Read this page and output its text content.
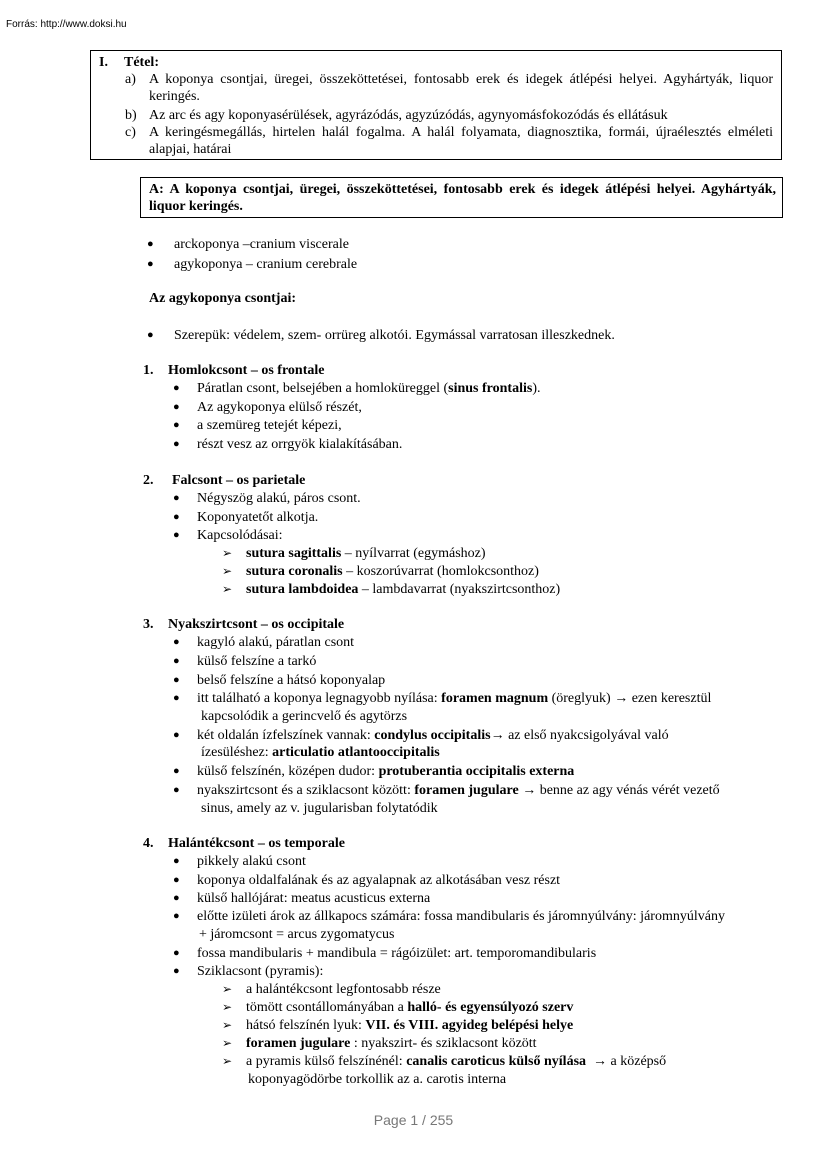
Forrás: http://www.doksi.hu
I. Tétel:
a) A koponya csontjai, üregei, összeköttetései, fontosabb erek és idegek átlépési helyei. Agyhártyák, liquor keringés.
b) Az arc és agy koponyasérülések, agyrázódás, agyzúzódás, agynyomásfokozódás és ellátásuk
c) A keringésmegállás, hirtelen halál fogalma. A halál folyamata, diagnosztika, formái, újraélesztés elméleti alapjai, határai
A: A koponya csontjai, üregei, összeköttetései, fontosabb erek és idegek átlépési helyei. Agyhártyák, liquor keringés.
● arckoponya –cranium viscerale
● agykoponya – cranium cerebrale
Az agykoponya csontjai:
● Szerepük: védelem, szem- orrüreg alkotói. Egymással varratosan illeszkednek.
1. Homlokcsont – os frontale
● Páratlan csont, belsejében a homloküreggel (sinus frontalis).
● Az agykoponya elülső részét,
● a szemüreg tetejét képezi,
● részt vesz az orrgyök kialakításában.
2. Falcsont – os parietale
● Négyszög alakú, páros csont.
● Koponyatetőt alkotja.
● Kapcsolódásai:
➢ sutura sagittalis – nyílvarrat (egymáshoz)
➢ sutura coronalis – koszorúvarrat (homlokcsonthoz)
➢ sutura lambdoidea – lambdavarrat (nyakszirtcsonthoz)
3. Nyakszirtcsont – os occipitale
● kagyló alakú, páratlan csont
● külső felszíne a tarkó
● belső felszíne a hátsó koponyalap
● itt található a koponya legnagyobb nyílása: foramen magnum (öreglyuk) → ezen keresztül
kapcsolódik a gerincvelő és agytörzs
● két oldalán ízfelszínek vannak: condylus occipitalis→ az első nyakcsigolyával való
ízesüléshez: articulatio atlantooccipitalis
● külső felszínén, középen dudor: protuberantia occipitalis externa
● nyakszirtcsont és a sziklacsont között: foramen jugulare → benne az agy vénás vérét vezető
sinus, amely az v. jugularisban folytatódik
4. Halántékcsont – os temporale
● pikkely alakú csont
● koponya oldalfalának és az agyalapnak az alkotásában vesz részt
● külső hallójárat: meatus acusticus externa
● előtte izületi árok az állkapocs számára: fossa mandibularis és járomnyúlvány: járomnyúlvány
+ járomcsont = arcus zygomatycus
● fossa mandibularis + mandibula = rágóizület: art. temporomandibularis
● Sziklacsont (pyramis):
➢ a halántékcsont legfontosabb része
➢ tömött csontállományában a halló- és egyensúlyozó szerv
➢ hátsó felszínén lyuk: VII. és VIII. agyideg belépési helye
➢ foramen jugulare : nyakszirt- és sziklacsont között
➢ a pyramis külső felszínénél: canalis caroticus külső nyílása  → a középső
koponyagödörbe torkollik az a. carotis interna
Page 1 / 255
